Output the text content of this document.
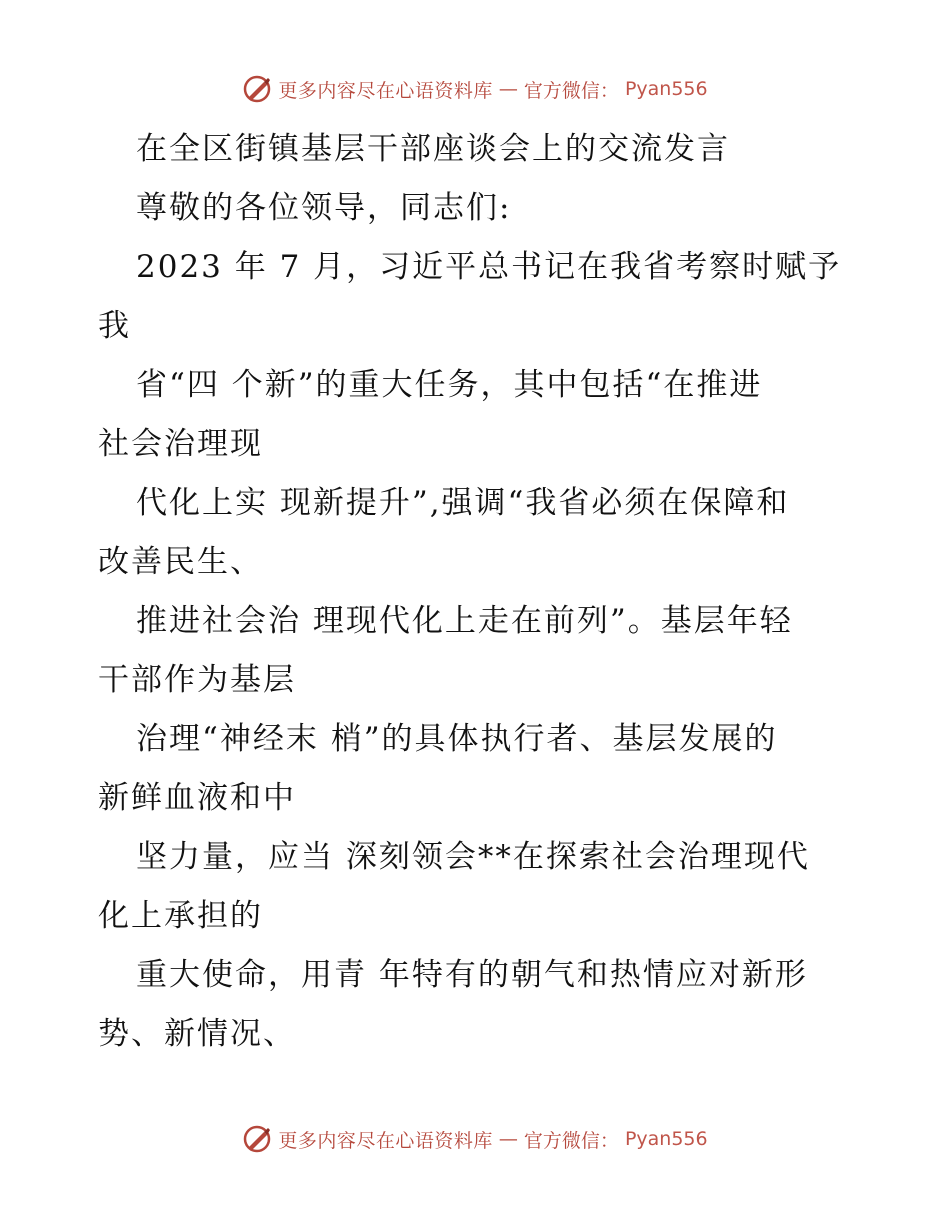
更多内容尽在心语资料库 — 官方微信： Pyan556
在全区街镇基层干部座谈会上的交流发言
尊敬的各位领导，同志们:
2023 年 7 月，习近平总书记在我省考察时赋予
我
省“四 个新”的重大任务，其中包括“在推进
社会治理现
代化上实 现新提升”,强调“我省必须在保障和
改善民生、
推进社会治 理现代化上走在前列”。基层年轻
干部作为基层
治理“神经末 梢”的具体执行者、基层发展的
新鲜血液和中
坚力量，应当 深刻领会**在探索社会治理现代
化上承担的
重大使命，用青 年特有的朝气和热情应对新形
势、新情况、
更多内容尽在心语资料库 — 官方微信： Pyan556
